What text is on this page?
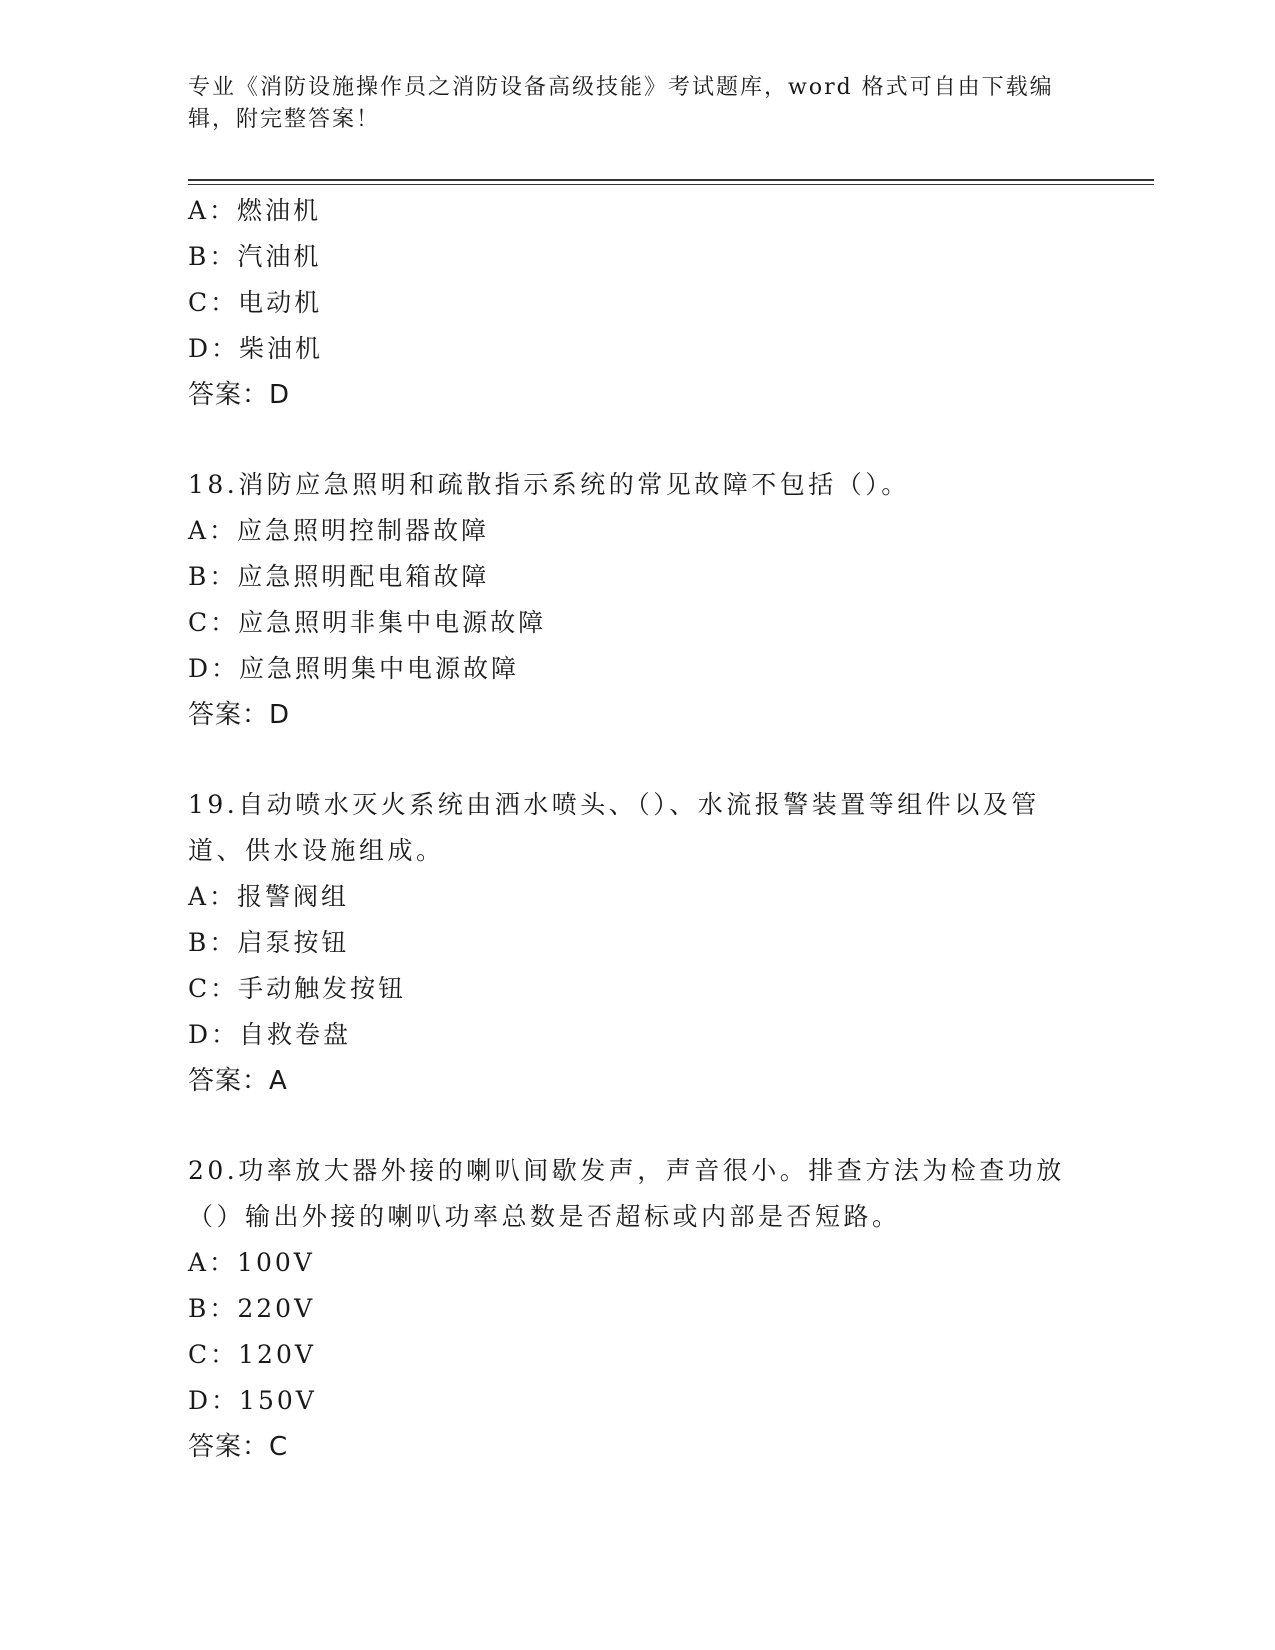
专业《消防设施操作员之消防设备高级技能》考试题库，word 格式可自由下载编辑，附完整答案！
A：燃油机
B：汽油机
C：电动机
D：柴油机
答案：D
18.消防应急照明和疏散指示系统的常见故障不包括（）。
A：应急照明控制器故障
B：应急照明配电箱故障
C：应急照明非集中电源故障
D：应急照明集中电源故障
答案：D
19.自动喷水灭火系统由洒水喷头、（）、水流报警装置等组件以及管
道、供水设施组成。
A：报警阀组
B：启泵按钮
C：手动触发按钮
D：自救卷盘
答案：A
20.功率放大器外接的喇叭间歇发声，声音很小。排查方法为检查功放
（）输出外接的喇叭功率总数是否超标或内部是否短路。
A：100V
B：220V
C：120V
D：150V
答案：C
